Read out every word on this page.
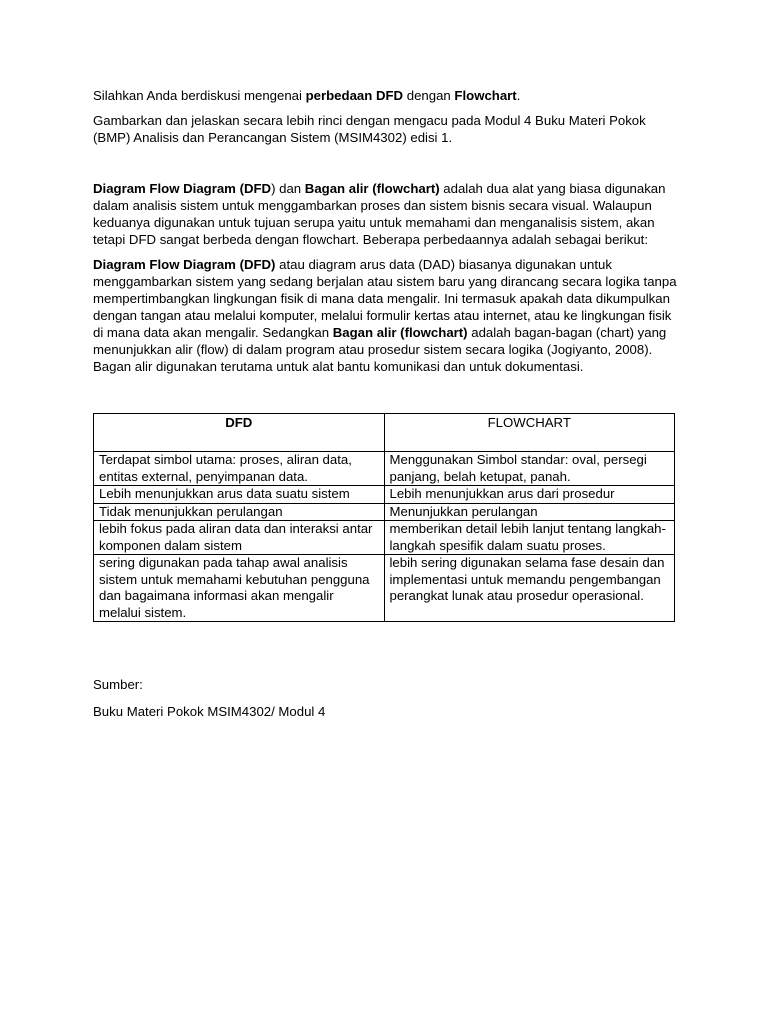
Silahkan Anda berdiskusi mengenai perbedaan DFD dengan Flowchart.

Gambarkan dan jelaskan secara lebih rinci dengan mengacu pada Modul 4 Buku Materi Pokok (BMP) Analisis dan Perancangan Sistem (MSIM4302) edisi 1.

Diagram Flow Diagram (DFD) dan Bagan alir (flowchart) adalah dua alat yang biasa digunakan dalam analisis sistem untuk menggambarkan proses dan sistem bisnis secara visual. Walaupun keduanya digunakan untuk tujuan serupa yaitu untuk memahami dan menganalisis sistem, akan tetapi DFD sangat berbeda dengan flowchart. Beberapa perbedaannya adalah sebagai berikut:

Diagram Flow Diagram (DFD) atau diagram arus data (DAD) biasanya digunakan untuk menggambarkan sistem yang sedang berjalan atau sistem baru yang dirancang secara logika tanpa mempertimbangkan lingkungan fisik di mana data mengalir. Ini termasuk apakah data dikumpulkan dengan tangan atau melalui komputer, melalui formulir kertas atau internet, atau ke lingkungan fisik di mana data akan mengalir. Sedangkan Bagan alir (flowchart) adalah bagan-bagan (chart) yang menunjukkan alir (flow) di dalam program atau prosedur sistem secara logika (Jogiyanto, 2008). Bagan alir digunakan terutama untuk alat bantu komunikasi dan untuk dokumentasi.

DFD	FLOWCHART
Terdapat simbol utama: proses, aliran data, entitas external, penyimpanan data.	Menggunakan Simbol standar: oval, persegi panjang, belah ketupat, panah.
Lebih menunjukkan arus data suatu sistem	Lebih menunjukkan arus dari prosedur
Tidak menunjukkan perulangan	Menunjukkan perulangan
lebih fokus pada aliran data dan interaksi antar komponen dalam sistem	memberikan detail lebih lanjut tentang langkah-langkah spesifik dalam suatu proses.
sering digunakan pada tahap awal analisis sistem untuk memahami kebutuhan pengguna dan bagaimana informasi akan mengalir melalui sistem.	lebih sering digunakan selama fase desain dan implementasi untuk memandu pengembangan perangkat lunak atau prosedur operasional.

Sumber:

Buku Materi Pokok MSIM4302/ Modul 4
